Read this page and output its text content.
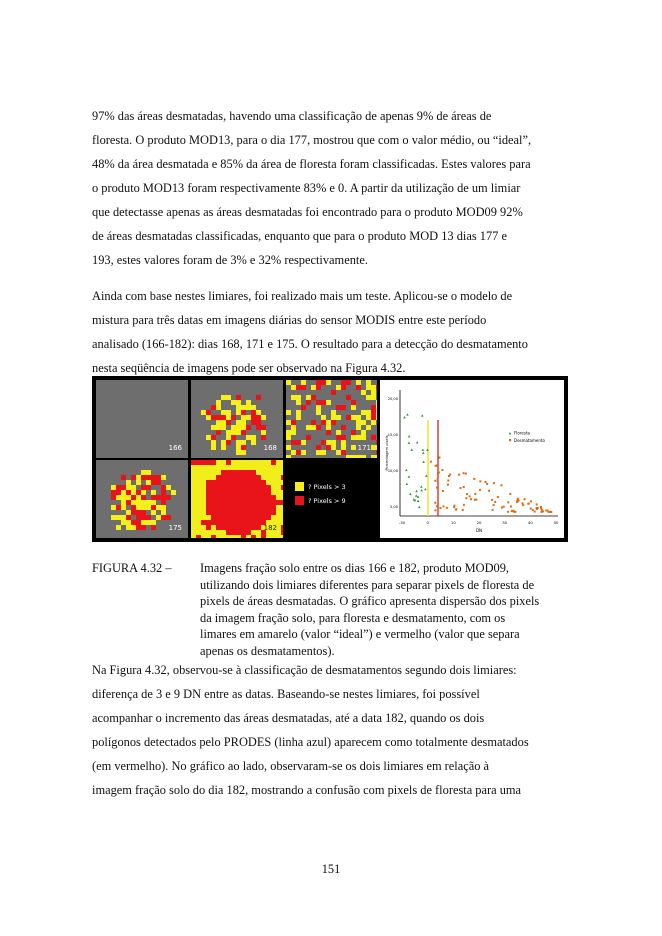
97% das áreas desmatadas, havendo uma classificação de apenas 9% de áreas de
floresta. O produto MOD13, para o dia 177, mostrou que com o valor médio, ou “ideal”,
48% da área desmatada e 85% da área de floresta foram classificadas. Estes valores para
o produto MOD13 foram respectivamente 83% e 0. A partir da utilização de um limiar
que detectasse apenas as áreas desmatadas foi encontrado para o produto MOD09 92%
de áreas desmatadas classificadas, enquanto que para o produto MOD 13 dias 177 e
193, estes valores foram de 3% e 32% respectivamente.
Ainda com base nestes limiares, foi realizado mais um teste. Aplicou-se o modelo de
mistura para três datas em imagens diárias do sensor MODIS entre este período
analisado (166-182): dias 168, 171 e 175. O resultado para a detecção do desmatamento
nesta seqüência de imagens pode ser observado na Figura 4.32.
166	168	171
175	182
? Pixels > 3
? Pixels > 9
20,00
15,00
10,00
5,00
-30	0	10	20	30	40	50
DN
Porcentagem pixels
Floresta
Desmatamento
FIGURA 4.32 – Imagens fração solo entre os dias 166 e 182, produto MOD09,
utilizando dois limiares diferentes para separar pixels de floresta de
pixels de áreas desmatadas. O gráfico apresenta dispersão dos pixels
da imagem fração solo, para floresta e desmatamento, com os
limares em amarelo (valor “ideal”) e vermelho (valor que separa
apenas os desmatamentos).
Na Figura 4.32, observou-se à classificação de desmatamentos segundo dois limiares:
diferença de 3 e 9 DN entre as datas. Baseando-se nestes limiares, foi possível
acompanhar o incremento das áreas desmatadas, até a data 182, quando os dois
polígonos detectados pelo PRODES (linha azul) aparecem como totalmente desmatados
(em vermelho). No gráfico ao lado, observaram-se os dois limiares em relação à
imagem fração solo do dia 182, mostrando a confusão com pixels de floresta para uma
151
